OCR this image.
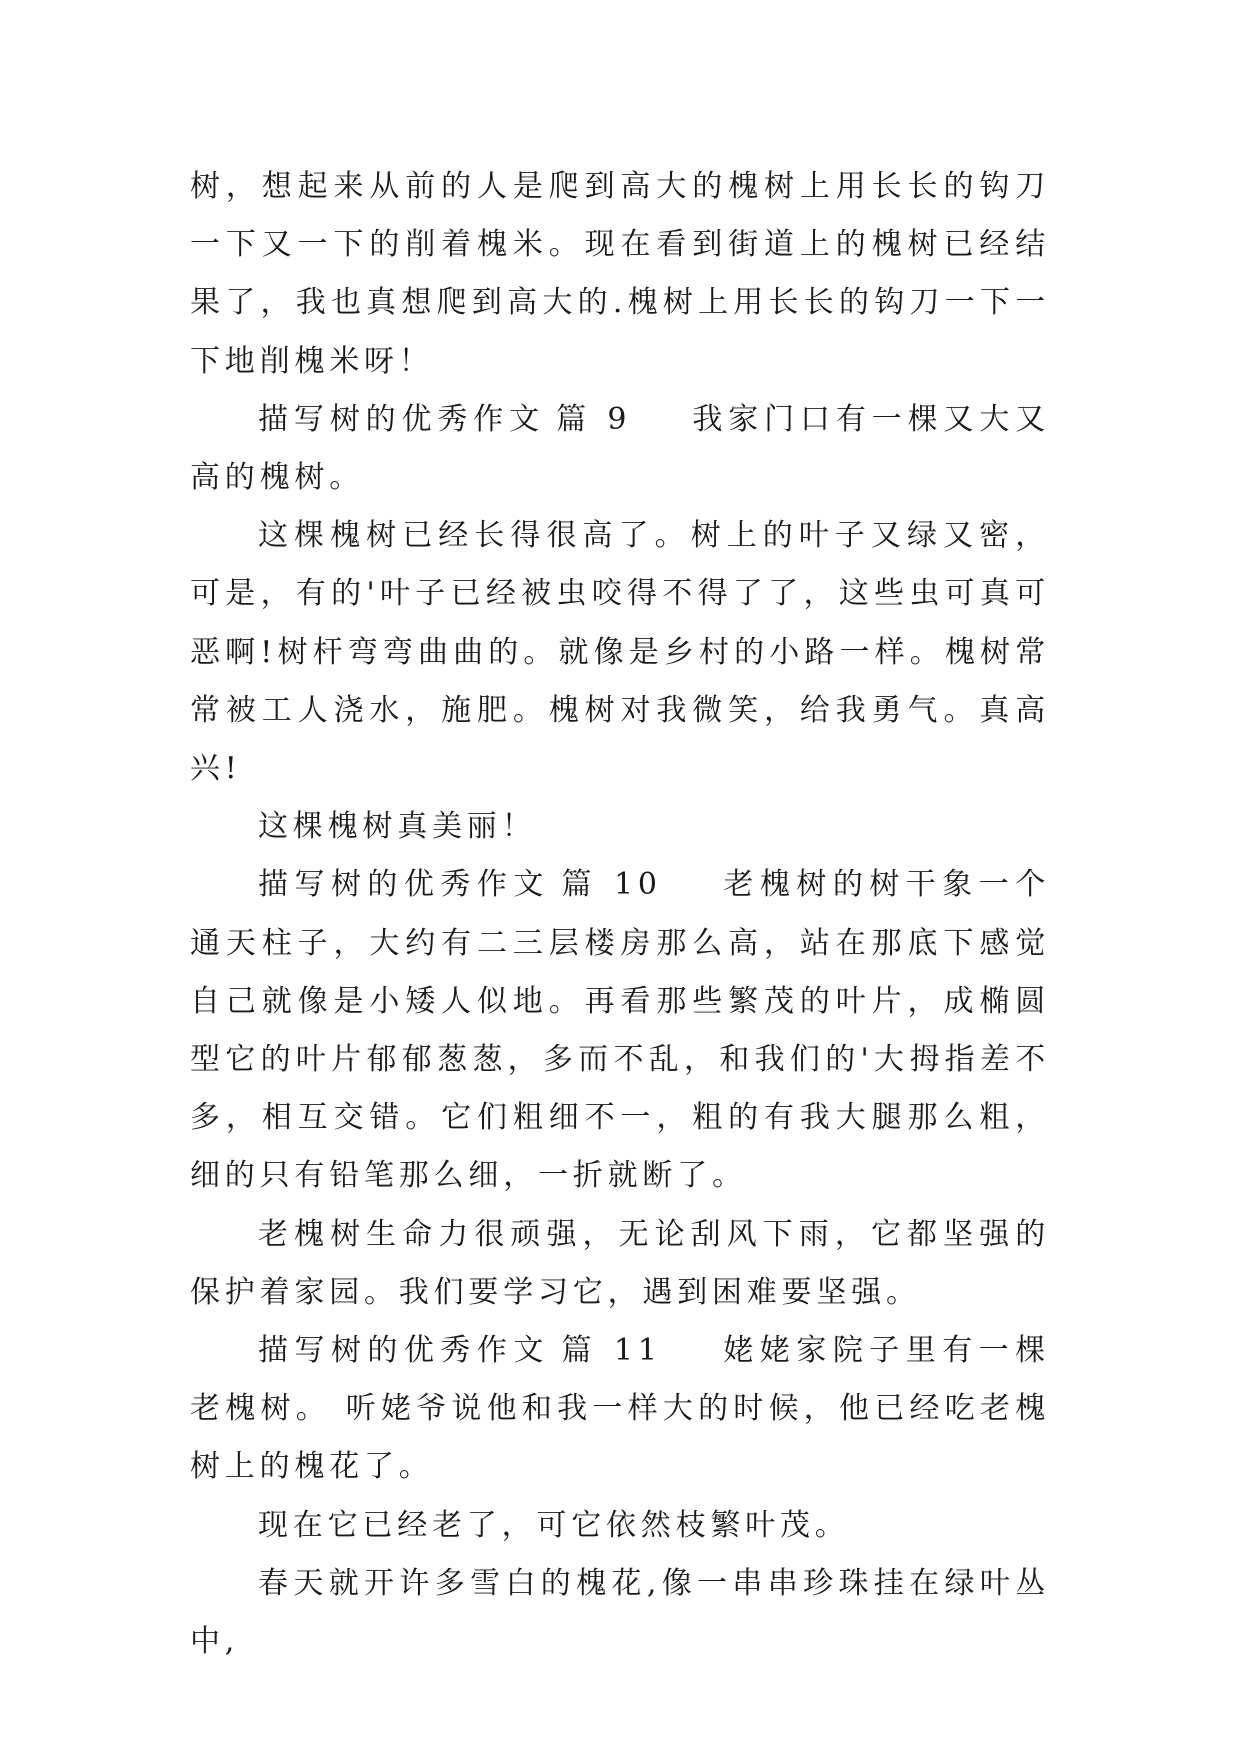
树，想起来从前的人是爬到高大的槐树上用长长的钩刀一下又一下的削着槐米。现在看到街道上的槐树已经结果了，我也真想爬到高大的.槐树上用长长的钩刀一下一下地削槐米呀！

描写树的优秀作文 篇 9 我家门口有一棵又大又高的槐树。

这棵槐树已经长得很高了。树上的叶子又绿又密，可是，有的'叶子已经被虫咬得不得了了，这些虫可真可恶啊!树杆弯弯曲曲的。就像是乡村的小路一样。槐树常常被工人浇水，施肥。槐树对我微笑，给我勇气。真高兴!

这棵槐树真美丽！

描写树的优秀作文 篇 10 老槐树的树干象一个通天柱子，大约有二三层楼房那么高，站在那底下感觉自己就像是小矮人似地。再看那些繁茂的叶片，成椭圆型它的叶片郁郁葱葱，多而不乱，和我们的'大拇指差不多，相互交错。它们粗细不一，粗的有我大腿那么粗，细的只有铅笔那么细，一折就断了。

老槐树生命力很顽强，无论刮风下雨，它都坚强的保护着家园。我们要学习它，遇到困难要坚强。

描写树的优秀作文 篇 11 姥姥家院子里有一棵老槐树。 听姥爷说他和我一样大的时候，他已经吃老槐树上的槐花了。

现在它已经老了，可它依然枝繁叶茂。

春天就开许多雪白的槐花,像一串串珍珠挂在绿叶丛中,
